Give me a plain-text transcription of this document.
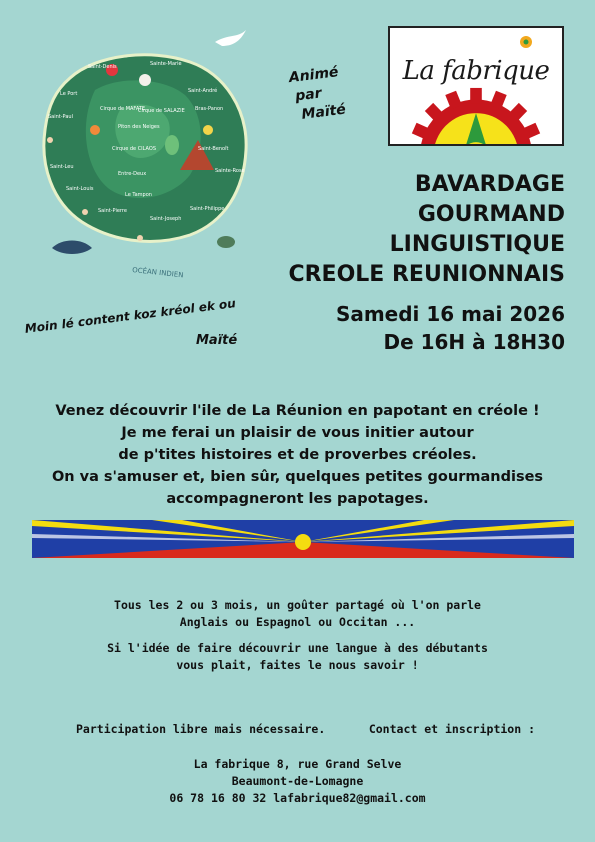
OCÉAN INDIEN
Saint-Denis	Sainte-Marie
Saint-André
Bras-Panon
Saint-Paul
Cirque de MAFATE
Piton des Neiges
Cirque de SALAZIE
Cirque de CILAOS
Saint-Leu
Entre-Deux
Le Tampon
Saint-Pierre
Saint-Joseph
Saint-Philippe
Sainte-Rose
Saint-Benoît
Saint-Louis
Le Port
La fabrique
Animé
par
Maïté
BAVARDAGE
GOURMAND
LINGUISTIQUE
CREOLE REUNIONNAIS
Samedi 16 mai 2026
De 16H à 18H30
Moin lé content koz kréol ek ou
Maïté
Venez découvrir l'ile de La Réunion en papotant en créole !
Je me ferai un plaisir de vous initier autour
de p'tites histoires et de proverbes créoles.
On va s'amuser et, bien sûr, quelques petites gourmandises
accompagneront les papotages.
Tous les 2 ou 3 mois, un goûter partagé où l'on parle
Anglais ou Espagnol ou Occitan ...
Si l'idée de faire découvrir une langue à des débutants
vous plait, faites le nous savoir !
Participation libre mais nécessaire.	Contact et inscription :
La fabrique 8, rue Grand Selve
Beaumont-de-Lomagne
06 78 16 80 32 lafabrique82@gmail.com
